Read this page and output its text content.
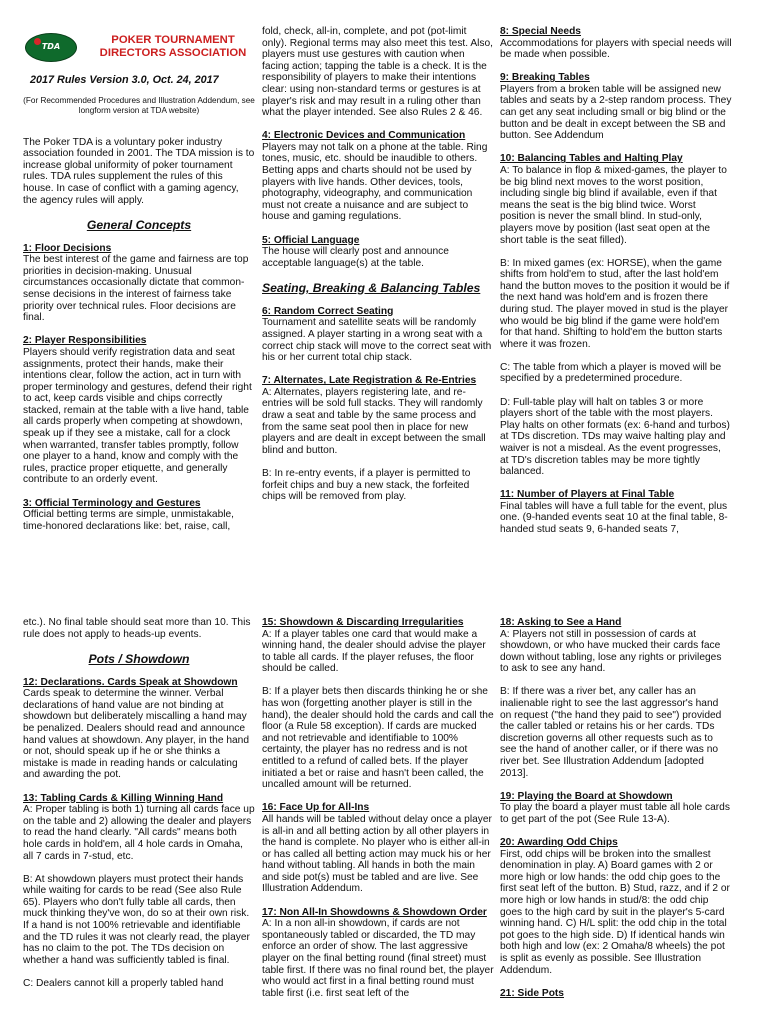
TDA
POKER TOURNAMENT
DIRECTORS ASSOCIATION
2017 Rules Version 3.0, Oct. 24, 2017
(For Recommended Procedures and Illustration Addendum, see longform version at TDA website)

The Poker TDA is a voluntary poker industry association founded in 2001. The TDA mission is to increase global uniformity of poker tournament rules. TDA rules supplement the rules of this house. In case of conflict with a gaming agency, the agency rules will apply.

General Concepts
1: Floor Decisions

The best interest of the game and fairness are top priorities in decision-making. Unusual circumstances occasionally dictate that common-sense decisions in the interest of fairness take priority over technical rules. Floor decisions are final.

2: Player Responsibilities

Players should verify registration data and seat assignments, protect their hands, make their intentions clear, follow the action, act in turn with proper terminology and gestures, defend their right to act, keep cards visible and chips correctly stacked, remain at the table with a live hand, table all cards properly when competing at showdown, speak up if they see a mistake, call for a clock when warranted, transfer tables promptly, follow one player to a hand, know and comply with the rules, practice proper etiquette, and generally contribute to an orderly event.

3: Official Terminology and Gestures

Official betting terms are simple, unmistakable, time-honored declarations like: bet, raise, call,

fold, check, all-in, complete, and pot (pot-limit only). Regional terms may also meet this test. Also, players must use gestures with caution when facing action; tapping the table is a check. It is the responsibility of players to make their intentions clear: using non-standard terms or gestures is at player's risk and may result in a ruling other than what the player intended. See also Rules 2 & 46.

4: Electronic Devices and Communication

Players may not talk on a phone at the table. Ring tones, music, etc. should be inaudible to others. Betting apps and charts should not be used by players with live hands. Other devices, tools, photography, videography, and communication must not create a nuisance and are subject to house and gaming regulations.

5: Official Language

The house will clearly post and announce acceptable language(s) at the table.

Seating, Breaking & Balancing Tables
6: Random Correct Seating

Tournament and satellite seats will be randomly assigned. A player starting in a wrong seat with a correct chip stack will move to the correct seat with his or her current total chip stack.

7: Alternates, Late Registration & Re-Entries

A: Alternates, players registering late, and re-entries will be sold full stacks. They will randomly draw a seat and table by the same process and from the same seat pool then in place for new players and are dealt in except between the small blind and button.

B: In re-entry events, if a player is permitted to forfeit chips and buy a new stack, the forfeited chips will be removed from play.

8: Special Needs

Accommodations for players with special needs will be made when possible.

9: Breaking Tables

Players from a broken table will be assigned new tables and seats by a 2-step random process. They can get any seat including small or big blind or the button and be dealt in except between the SB and button. See Addendum

10: Balancing Tables and Halting Play

A: To balance in flop & mixed-games, the player to be big blind next moves to the worst position, including single big blind if available, even if that means the seat is the big blind twice. Worst position is never the small blind. In stud-only, players move by position (last seat open at the short table is the seat filled).

B: In mixed games (ex: HORSE), when the game shifts from hold'em to stud, after the last hold'em hand the button moves to the position it would be if the next hand was hold'em and is frozen there during stud. The player moved in stud is the player who would be big blind if the game were hold'em for that hand. Shifting to hold'em the button starts where it was frozen.

C: The table from which a player is moved will be specified by a predetermined procedure.

D: Full-table play will halt on tables 3 or more players short of the table with the most players. Play halts on other formats (ex: 6-hand and turbos) at TDs discretion. TDs may waive halting play and waiver is not a misdeal. As the event progresses, at TD's discretion tables may be more tightly balanced.

11: Number of Players at Final Table

Final tables will have a full table for the event, plus one. (9-handed events seat 10 at the final table, 8-handed stud seats 9, 6-handed seats 7,

etc.). No final table should seat more than 10. This rule does not apply to heads-up events.

Pots / Showdown
12: Declarations. Cards Speak at Showdown

Cards speak to determine the winner. Verbal declarations of hand value are not binding at showdown but deliberately miscalling a hand may be penalized. Dealers should read and announce hand values at showdown. Any player, in the hand or not, should speak up if he or she thinks a mistake is made in reading hands or calculating and awarding the pot.

13: Tabling Cards & Killing Winning Hand

A: Proper tabling is both 1) turning all cards face up on the table and 2) allowing the dealer and players to read the hand clearly. "All cards" means both hole cards in hold'em, all 4 hole cards in Omaha, all 7 cards in 7-stud, etc.

B: At showdown players must protect their hands while waiting for cards to be read (See also Rule 65). Players who don't fully table all cards, then muck thinking they've won, do so at their own risk. If a hand is not 100% retrievable and identifiable and the TD rules it was not clearly read, the player has no claim to the pot. The TDs decision on whether a hand was sufficiently tabled is final.

C: Dealers cannot kill a properly tabled hand

15: Showdown & Discarding Irregularities

A: If a player tables one card that would make a winning hand, the dealer should advise the player to table all cards. If the player refuses, the floor should be called.

B: If a player bets then discards thinking he or she has won (forgetting another player is still in the hand), the dealer should hold the cards and call the floor (a Rule 58 exception). If cards are mucked and not retrievable and identifiable to 100% certainty, the player has no redress and is not entitled to a refund of called bets. If the player initiated a bet or raise and hasn't been called, the uncalled amount will be returned.

16: Face Up for All-Ins

All hands will be tabled without delay once a player is all-in and all betting action by all other players in the hand is complete. No player who is either all-in or has called all betting action may muck his or her hand without tabling. All hands in both the main and side pot(s) must be tabled and are live. See Illustration Addendum.

17: Non All-In Showdowns & Showdown Order

A: In a non all-in showdown, if cards are not spontaneously tabled or discarded, the TD may enforce an order of show. The last aggressive player on the final betting round (final street) must table first. If there was no final round bet, the player who would act first in a final betting round must table first (i.e. first seat left of the

18: Asking to See a Hand

A: Players not still in possession of cards at showdown, or who have mucked their cards face down without tabling, lose any rights or privileges to ask to see any hand.

B: If there was a river bet, any caller has an inalienable right to see the last aggressor's hand on request ("the hand they paid to see") provided the caller tabled or retains his or her cards. TDs discretion governs all other requests such as to see the hand of another caller, or if there was no river bet. See Illustration Addendum [adopted 2013].

19: Playing the Board at Showdown

To play the board a player must table all hole cards to get part of the pot (See Rule 13-A).

20: Awarding Odd Chips

First, odd chips will be broken into the smallest denomination in play. A) Board games with 2 or more high or low hands: the odd chip goes to the first seat left of the button. B) Stud, razz, and if 2 or more high or low hands in stud/8: the odd chip goes to the high card by suit in the player's 5-card winning hand. C) H/L split: the odd chip in the total pot goes to the high side. D) If identical hands win both high and low (ex: 2 Omaha/8 wheels) the pot is split as evenly as possible. See Illustration Addendum.

21: Side Pots
